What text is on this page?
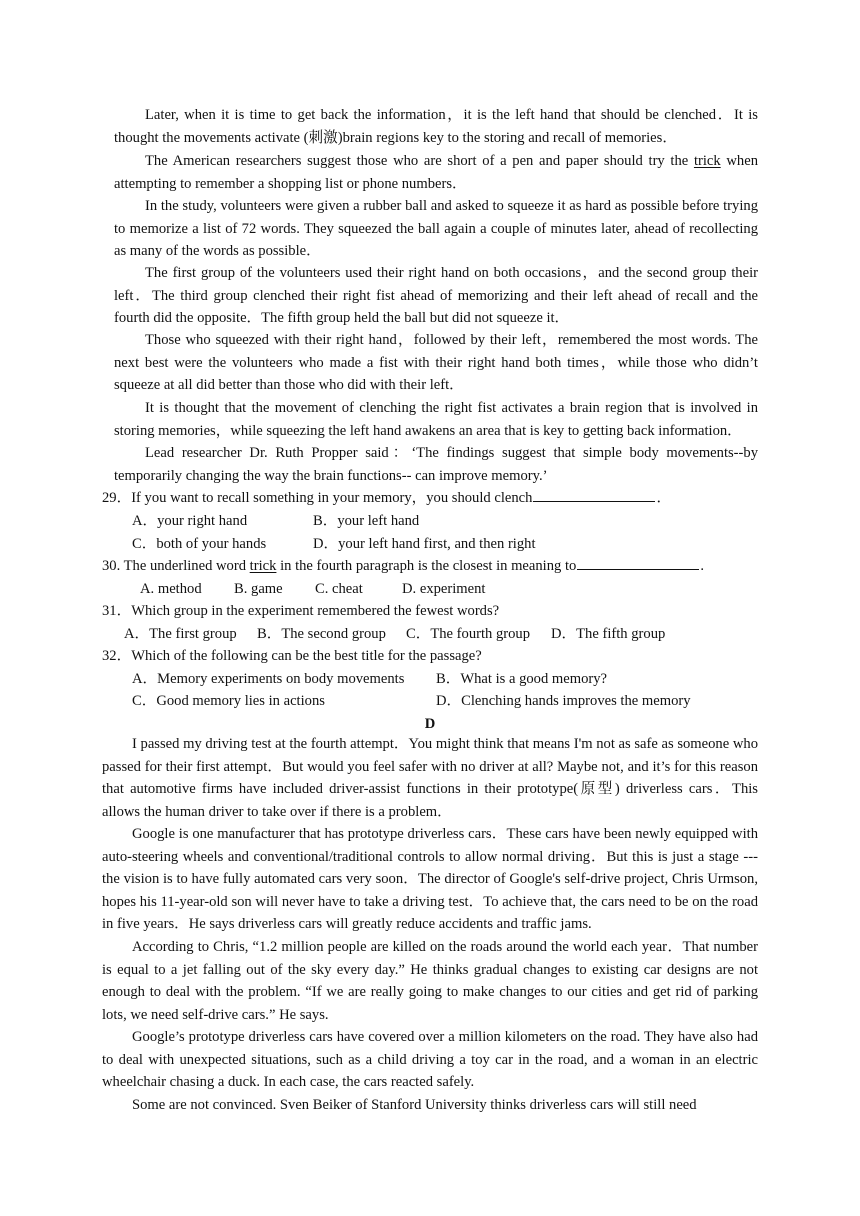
Later, when it is time to get back the information，it is the left hand that should be clenched．It is thought the movements activate (刺激)brain regions key to the storing and recall of memories．

The American researchers suggest those who are short of a pen and paper should try the trick when attempting to remember a shopping list or phone numbers．

In the study, volunteers were given a rubber ball and asked to squeeze it as hard as possible before trying to memorize a list of 72 words. They squeezed the ball again a couple of minutes later, ahead of recollecting as many of the words as possible．

The first group of the volunteers used their right hand on both occasions，and the second group their left．The third group clenched their right fist ahead of memorizing and their left ahead of recall and the fourth did the opposite．The fifth group held the ball but did not squeeze it．

Those who squeezed with their right hand，followed by their left，remembered the most words. The next best were the volunteers who made a fist with their right hand both times，while those who didn’t squeeze at all did better than those who did with their left．

It is thought that the movement of clenching the right fist activates a brain region that is involved in storing memories，while squeezing the left hand awakens an area that is key to getting back information．

Lead researcher Dr. Ruth Propper said：‘The findings suggest that simple body movements--by temporarily changing the way the brain functions-- can improve memory.’

29．If you want to recall something in your memory，you should clench	．

A．your right hand	B．your left hand

C．both of your hands	D．your left hand first, and then right

30. The underlined word trick in the fourth paragraph is the closest in meaning to	.

A. method B. game C. cheat	D. experiment

31．Which group in the experiment remembered the fewest words?

A．The first group B．The second group C．The fourth group D．The fifth group

32．Which of the following can be the best title for the passage?

A．Memory experiments on body movements B．What is a good memory?

C．Good memory lies in actions	D．Clenching hands improves the memory

D

I passed my driving test at the fourth attempt．You might think that means I'm not as safe as someone who passed for their first attempt．But would you feel safer with no driver at all? Maybe not, and it’s for this reason that automotive firms have included driver-assist functions in their prototype(原型) driverless cars．This allows the human driver to take over if there is a problem．

Google is one manufacturer that has prototype driverless cars．These cars have been newly equipped with auto-steering wheels and conventional/traditional controls to allow normal driving．But this is just a stage --- the vision is to have fully automated cars very soon．The director of Google's self-drive project, Chris Urmson, hopes his 11-year-old son will never have to take a driving test．To achieve that, the cars need to be on the road in five years．He says driverless cars will greatly reduce accidents and traffic jams.

According to Chris, “1.2 million people are killed on the roads around the world each year．That number is equal to a jet falling out of the sky every day.” He thinks gradual changes to existing car designs are not enough to deal with the problem. “If we are really going to make changes to our cities and get rid of parking lots, we need self-drive cars.” He says.

Google’s prototype driverless cars have covered over a million kilometers on the road. They have also had to deal with unexpected situations, such as a child driving a toy car in the road, and a woman in an electric wheelchair chasing a duck. In each case, the cars reacted safely.

Some are not convinced. Sven Beiker of Stanford University thinks driverless cars will still need
